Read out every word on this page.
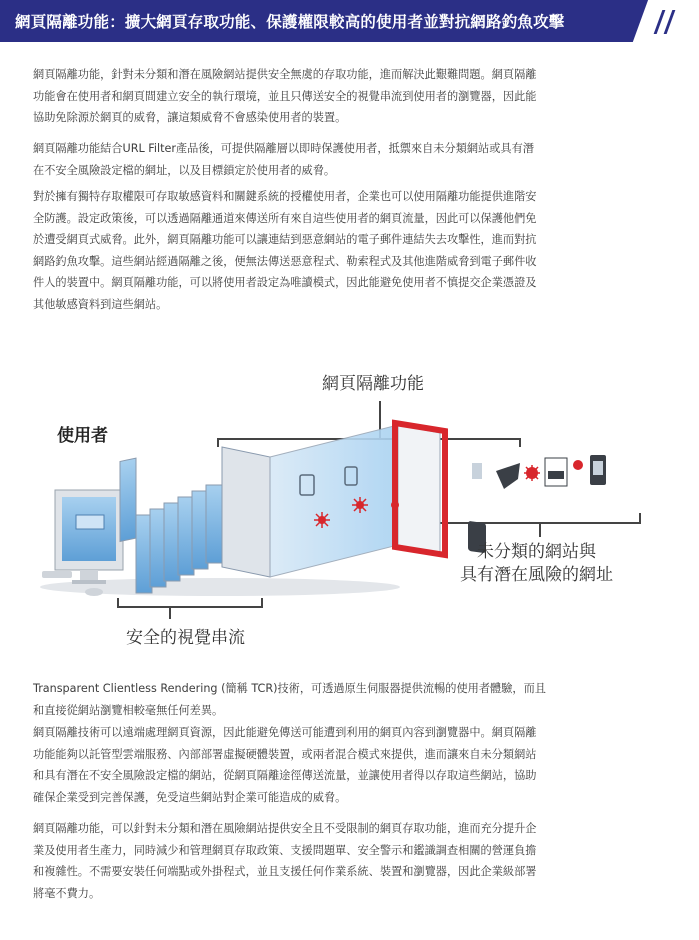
網頁隔離功能：擴大網頁存取功能、保護權限較高的使用者並對抗網路釣魚攻擊
網頁隔離功能，針對未分類和潛在風險網站提供安全無虞的存取功能，進而解決此艱難問題。網頁隔離
功能會在使用者和網頁間建立安全的執行環境，並且只傳送安全的視覺串流到使用者的瀏覽器，因此能
協助免除源於網頁的威脅，讓這類威脅不會感染使用者的裝置。
網頁隔離功能結合URL Filter產品後，可提供隔離層以即時保護使用者，抵禦來自未分類網站或具有潛
在不安全風險設定檔的網址，以及目標鎖定於使用者的威脅。
對於擁有獨特存取權限可存取敏感資料和關鍵系統的授權使用者，企業也可以使用隔離功能提供進階安
全防護。設定政策後，可以透過隔離通道來傳送所有來自這些使用者的網頁流量，因此可以保護他們免
於遭受網頁式威脅。此外，網頁隔離功能可以讓連結到惡意網站的電子郵件連結失去攻擊性，進而對抗
網路釣魚攻擊。這些網站經過隔離之後，便無法傳送惡意程式、勒索程式及其他進階威脅到電子郵件收
件人的裝置中。網頁隔離功能，可以將使用者設定為唯讀模式，因此能避免使用者不慎提交企業憑證及
其他敏感資料到這些網站。
網頁隔離功能
使用者
未分類的網站與
具有潛在風險的網址
安全的視覺串流
Transparent Clientless Rendering (簡稱 TCR)技術，可透過原生伺服器提供流暢的使用者體驗，而且
和直接從網站瀏覽相較毫無任何差異。
網頁隔離技術可以遠端處理網頁資源，因此能避免傳送可能遭到利用的網頁內容到瀏覽器中。網頁隔離
功能能夠以託管型雲端服務、內部部署虛擬硬體裝置，或兩者混合模式來提供，進而讓來自未分類網站
和具有潛在不安全風險設定檔的網站，從網頁隔離途徑傳送流量，並讓使用者得以存取這些網站，協助
確保企業受到完善保護，免受這些網站對企業可能造成的威脅。
網頁隔離功能，可以針對未分類和潛在風險網站提供安全且不受限制的網頁存取功能，進而充分提升企
業及使用者生產力，同時減少和管理網頁存取政策、支援問題單、安全警示和鑑識調查相關的營運負擔
和複雜性。不需要安裝任何端點或外掛程式，並且支援任何作業系統、裝置和瀏覽器，因此企業級部署
將毫不費力。
